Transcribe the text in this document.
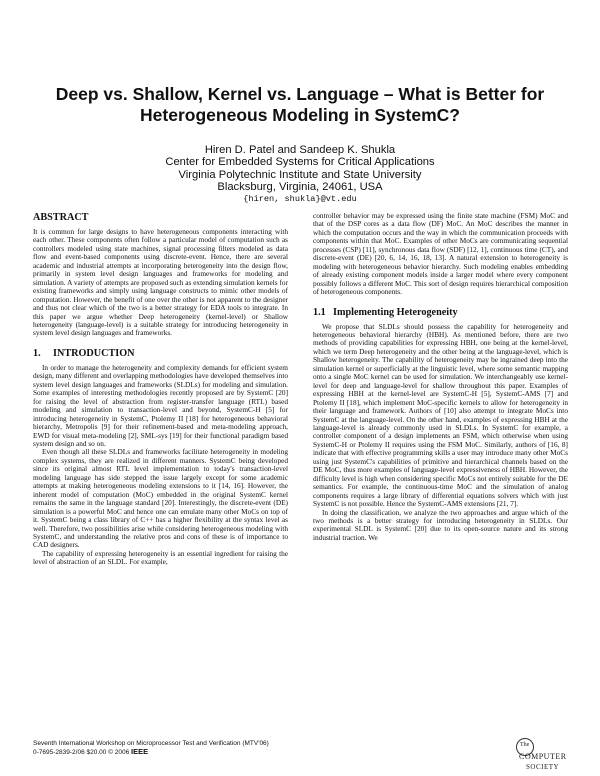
Deep vs. Shallow, Kernel vs. Language – What is Better for
Heterogeneous Modeling in SystemC?
Hiren D. Patel and Sandeep K. Shukla
Center for Embedded Systems for Critical Applications
Virginia Polytechnic Institute and State University
Blacksburg, Virginia, 24061, USA
{hiren, shukla}@vt.edu
ABSTRACT

It is common for large designs to have heterogeneous components interacting with each other. These components often follow a particular model of computation such as controllers modeled using state machines, signal processing filters modeled as data flow and event-based components using discrete-event. Hence, there are several academic and industrial attempts at incorporating heterogeneity into the design flow, primarily in system level design languages and frameworks for modeling and simulation. A variety of attempts are proposed such as extending simulation kernels for existing frameworks and simply using language constructs to mimic other models of computation. However, the benefit of one over the other is not apparent to the designer and thus not clear which of the two is a better strategy for EDA tools to integrate. In this paper we argue whether Deep heterogeneity (kernel-level) or Shallow heterogeneity (language-level) is a suitable strategy for introducing heterogeneity in system level design languages and frameworks.

1. INTRODUCTION

In order to manage the heterogeneity and complexity demands for efficient system design, many different and overlapping methodologies have developed themselves into system level design languages and frameworks (SLDLs) for modeling and simulation. Some examples of interesting methodologies recently proposed are by SystemC [20] for raising the level of abstraction from register-transfer language (RTL) based modeling and simulation to transaction-level and beyond, SystemC-H [5] for introducing heterogeneity in SystemC, Ptolemy II [18] for heterogeneous behavioral hierarchy, Metropolis [9] for their refinement-based and meta-modeling approach, EWD for visual meta-modeling [2], SML-sys [19] for their functional paradigm based system design and so on.

Even though all these SLDLs and frameworks facilitate heterogeneity in modeling complex systems, they are realized in different manners. SystemC being developed since its original almost RTL level implementation to today's transaction-level modeling language has side stepped the issue largely except for some academic attempts at making heterogeneous modeling extensions to it [14, 16]. However, the inherent model of computation (MoC) embedded in the original SystemC kernel remains the same in the language standard [20]. Interestingly, the discrete-event (DE) simulation is a powerful MoC and hence one can emulate many other MoCs on top of it. SystemC being a class library of C++ has a higher flexibility at the syntax level as well. Therefore, two possibilities arise while considering heterogeneous modeling with SystemC, and understanding the relative pros and cons of these is of importance to CAD designers.

The capability of expressing heterogeneity is an essential ingredient for raising the level of abstraction of an SLDL. For example,

controller behavior may be expressed using the finite state machine (FSM) MoC and that of the DSP cores as a data flow (DF) MoC. An MoC describes the manner in which the computation occurs and the way in which the communication proceeds with components within that MoC. Examples of other MoCs are communicating sequential processes (CSP) [11], synchronous data flow (SDF) [12, 1], continuous time (CT), and discrete-event (DE) [20, 6, 14, 16, 18, 13]. A natural extension to heterogeneity is modeling with heterogeneous behavior hierarchy. Such modeling enables embedding of already existing component models inside a larger model where every component possibly follows a different MoC. This sort of design requires hierarchical composition of heterogeneous components.

1.1 Implementing Heterogeneity

We propose that SLDLs should possess the capability for heterogeneity and heterogeneous behavioral hierarchy (HBH). As mentioned before, there are two methods of providing capabilities for expressing HBH, one being at the kernel-level, which we term Deep heterogeneity and the other being at the language-level, which is Shallow heterogeneity. The capability of heterogeneity may be ingrained deep into the simulation kernel or superficially at the linguistic level, where some semantic mapping onto a single MoC kernel can be used for simulation. We interchangeably use kernel-level for deep and language-level for shallow throughout this paper. Examples of expressing HBH at the kernel-level are SystemC-H [5], SystemC-AMS [7] and Ptolemy II [18], which implement MoC-specific kernels to allow for heterogeneity in their language and framework. Authors of [10] also attempt to integrate MoCs into SystemC at the language-level. On the other hand, examples of expressing HBH at the language-level is already commonly used in SLDLs. In SystemC for example, a controller component of a design implements an FSM, which otherwise when using SystemC-H or Ptolemy II requires using the FSM MoC. Similarly, authors of [16, 8] indicate that with effective programming skills a user may introduce many other MoCs using just SystemC's capabilities of primitive and hierarchical channels based on the DE MoC, thus more examples of language-level expressiveness of HBH. However, the difficulty level is high when considering specific MoCs not entirely suitable for the DE semantics. For example, the continuous-time MoC and the simulation of analog components requires a large library of differential equations solvers which with just SystemC is not possible. Hence the SystemC-AMS extensions [21, 7].

In doing the classification, we analyze the two approaches and argue which of the two methods is a better strategy for introducing heterogeneity in SLDLs. Our experimental SLDL is SystemC [20] due to its open-source nature and its strong industrial traction. We

Seventh International Workshop on Microprocessor Test and Verification (MTV'06)
0-7695-2839-2/06 $20.00 © 2006 IEEE
The
COMPUTER
SOCIETY
